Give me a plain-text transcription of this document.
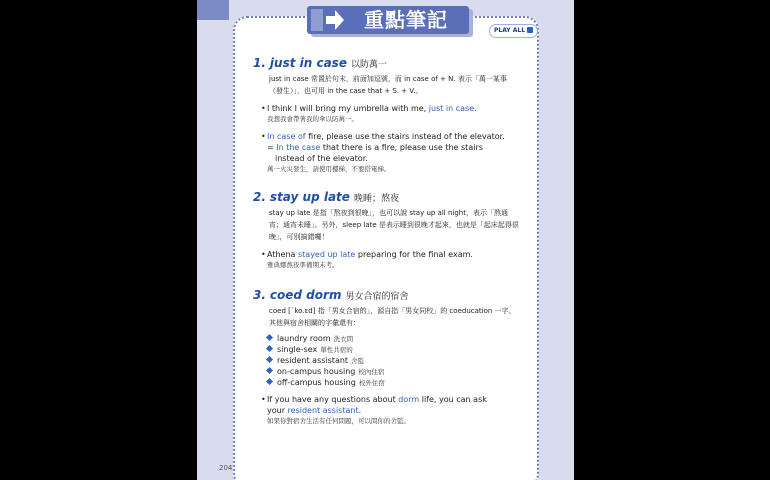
重點筆記	PLAY ALL
1. just in case 以防萬一
just in case 常置於句末，前面加逗號，而 in case of + N. 表示「萬一某事（發生）」，也可用 in the case that + S. + V.。
• I think I will bring my umbrella with me, just in case.
我想我會帶著我的傘以防萬一。
• In case of fire, please use the stairs instead of the elevator.
= In the case that there is a fire, please use the stairs
instead of the elevator.
萬一火災發生，請使用樓梯，不要搭電梯。
2. stay up late 晚睡；熬夜
stay up late 是指「熬夜到很晚」，也可以說 stay up all night，表示「熬通宵；通宵未睡」。另外，sleep late 是表示睡到很晚才起來，也就是「起床起得很晚」，可別搞錯囉！
• Athena stayed up late preparing for the final exam.
雅典娜熬夜準備期末考。
3. coed dorm 男女合宿的宿舍
coed [ˋko.ɛd] 指「男女合宿的」，源自指「男女同校」的 coeducation 一字。其他與宿舍相關的字彙還有：
laundry room 洗衣間
single-sex 單性共宿的
resident assistant 舍監
on-campus housing 校內住宿
off-campus housing 校外住宿
• If you have any questions about dorm life, you can ask
your resident assistant.
如果你對宿舍生活有任何問題，可以問你的舍監。
204
